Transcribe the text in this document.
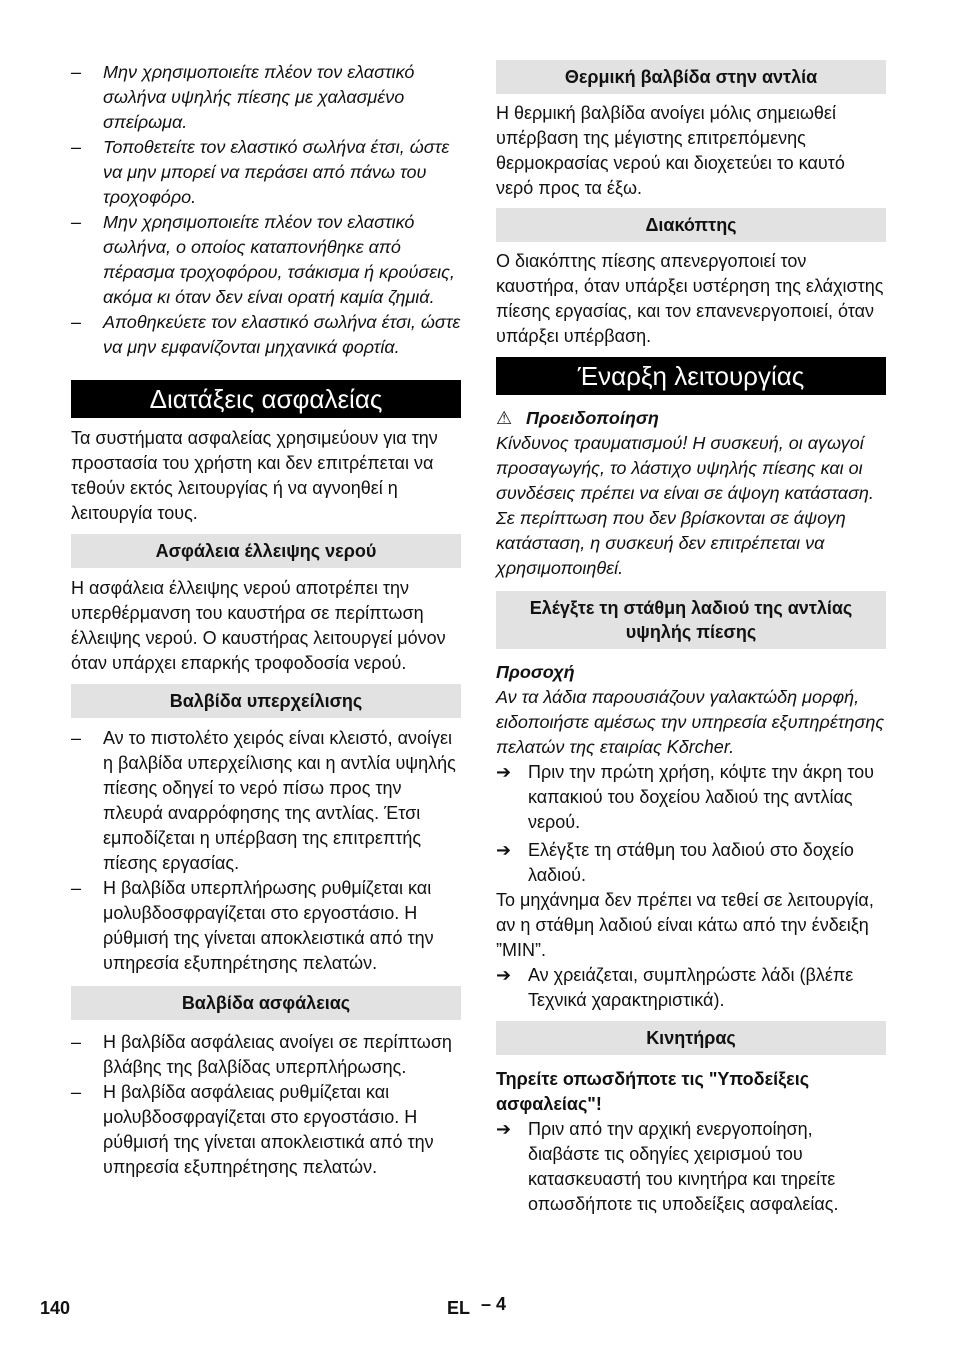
–	Μην χρησιμοποιείτε πλέον τον ελαστικό σωλήνα υψηλής πίεσης με χαλασμένο σπείρωμα.
–	Τοποθετείτε τον ελαστικό σωλήνα έτσι, ώστε να μην μπορεί να περάσει από πάνω του τροχοφόρο.
–	Μην χρησιμοποιείτε πλέον τον ελαστικό σωλήνα, ο οποίος καταπονήθηκε από πέρασμα τροχοφόρου, τσάκισμα ή κρούσεις, ακόμα κι όταν δεν είναι ορατή καμία ζημιά.
–	Αποθηκεύετε τον ελαστικό σωλήνα έτσι, ώστε να μην εμφανίζονται μηχανικά φορτία.
Διατάξεις ασφαλείας

Τα συστήματα ασφαλείας χρησιμεύουν για την προστασία του χρήστη και δεν επιτρέπεται να τεθούν εκτός λειτουργίας ή να αγνοηθεί η λειτουργία τους.

Ασφάλεια έλλειψης νερού

Η ασφάλεια έλλειψης νερού αποτρέπει την υπερθέρμανση του καυστήρα σε περίπτωση έλλειψης νερού. Ο καυστήρας λειτουργεί μόνον όταν υπάρχει επαρκής τροφοδοσία νερού.

Βαλβίδα υπερχείλισης
–	Αν το πιστολέτο χειρός είναι κλειστό, ανοίγει η βαλβίδα υπερχείλισης και η αντλία υψηλής πίεσης οδηγεί το νερό πίσω προς την πλευρά αναρρόφησης της αντλίας. Έτσι εμποδίζεται η υπέρβαση της επιτρεπτής πίεσης εργασίας.
–	Η βαλβίδα υπερπλήρωσης ρυθμίζεται και μολυβδοσφραγίζεται στο εργοστάσιο. Η ρύθμισή της γίνεται αποκλειστικά από την υπηρεσία εξυπηρέτησης πελατών.
Βαλβίδα ασφάλειας
–	Η βαλβίδα ασφάλειας ανοίγει σε περίπτωση βλάβης της βαλβίδας υπερπλήρωσης.
–	Η βαλβίδα ασφάλειας ρυθμίζεται και μολυβδοσφραγίζεται στο εργοστάσιο. Η ρύθμισή της γίνεται αποκλειστικά από την υπηρεσία εξυπηρέτησης πελατών.
Θερμική βαλβίδα στην αντλία

Η θερμική βαλβίδα ανοίγει μόλις σημειωθεί υπέρβαση της μέγιστης επιτρεπόμενης θερμοκρασίας νερού και διοχετεύει το καυτό νερό προς τα έξω.

Διακόπτης

Ο διακόπτης πίεσης απενεργοποιεί τον καυστήρα, όταν υπάρξει υστέρηση της ελάχιστης πίεσης εργασίας, και τον επανενεργοποιεί, όταν υπάρξει υπέρβαση.

Έναρξη λειτουργίας
⚠ Προειδοποίηση

Κίνδυνος τραυματισμού! Η συσκευή, οι αγωγοί προσαγωγής, το λάστιχο υψηλής πίεσης και οι συνδέσεις πρέπει να είναι σε άψογη κατάσταση. Σε περίπτωση που δεν βρίσκονται σε άψογη κατάσταση, η συσκευή δεν επιτρέπεται να χρησιμοποιηθεί.

Ελέγξτε τη στάθμη λαδιού της αντλίας υψηλής πίεσης

Προσοχή

Αν τα λάδια παρουσιάζουν γαλακτώδη μορφή, ειδοποιήστε αμέσως την υπηρεσία εξυπηρέτησης πελατών της εταιρίας Kδrcher.

➔ Πριν την πρώτη χρήση, κόψτε την άκρη του καπακιού του δοχείου λαδιού της αντλίας νερού.
➔ Ελέγξτε τη στάθμη του λαδιού στο δοχείο λαδιού.

Το μηχάνημα δεν πρέπει να τεθεί σε λειτουργία, αν η στάθμη λαδιού είναι κάτω από την ένδειξη ”MIN”.

➔ Αν χρειάζεται, συμπληρώστε λάδι (βλέπε Τεχνικά χαρακτηριστικά).
Κινητήρας

Τηρείτε οπωσδήποτε τις "Υποδείξεις ασφαλείας"!

➔ Πριν από την αρχική ενεργοποίηση, διαβάστε τις οδηγίες χειρισμού του κατασκευαστή του κινητήρα και τηρείτε οπωσδήποτε τις υποδείξεις ασφαλείας.
140	EL – 4
